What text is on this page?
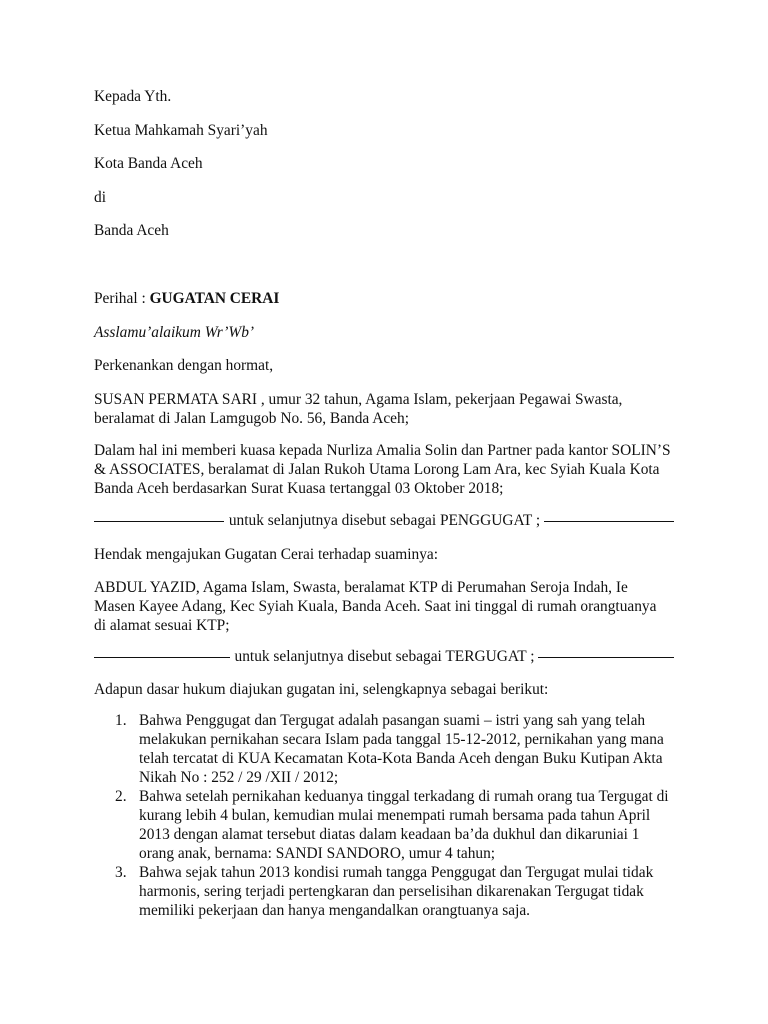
Kepada Yth.
Ketua Mahkamah Syari’yah
Kota Banda Aceh
di
Banda Aceh
Perihal : GUGATAN CERAI
Asslamu’alaikum Wr’Wb’
Perkenankan dengan hormat,
SUSAN PERMATA SARI , umur 32 tahun, Agama Islam, pekerjaan Pegawai Swasta,
beralamat di Jalan Lamgugob No. 56, Banda Aceh;
Dalam hal ini memberi kuasa kepada Nurliza Amalia Solin dan Partner pada kantor SOLIN’S
& ASSOCIATES, beralamat di Jalan Rukoh Utama Lorong Lam Ara, kec Syiah Kuala Kota
Banda Aceh berdasarkan Surat Kuasa tertanggal 03 Oktober 2018;
untuk selanjutnya disebut sebagai PENGGUGAT ;
Hendak mengajukan Gugatan Cerai terhadap suaminya:
ABDUL YAZID, Agama Islam, Swasta, beralamat KTP di Perumahan Seroja Indah, Ie
Masen Kayee Adang, Kec Syiah Kuala, Banda Aceh. Saat ini tinggal di rumah orangtuanya
di alamat sesuai KTP;
untuk selanjutnya disebut sebagai TERGUGAT ;
Adapun dasar hukum diajukan gugatan ini, selengkapnya sebagai berikut:
1. Bahwa Penggugat dan Tergugat adalah pasangan suami – istri yang sah yang telah
melakukan pernikahan secara Islam pada tanggal 15-12-2012, pernikahan yang mana
telah tercatat di KUA Kecamatan Kota-Kota Banda Aceh dengan Buku Kutipan Akta
Nikah No : 252 / 29 /XII / 2012;
2. Bahwa setelah pernikahan keduanya tinggal terkadang di rumah orang tua Tergugat di
kurang lebih 4 bulan, kemudian mulai menempati rumah bersama pada tahun April
2013 dengan alamat tersebut diatas dalam keadaan ba’da dukhul dan dikaruniai 1
orang anak, bernama: SANDI SANDORO, umur 4 tahun;
3. Bahwa sejak tahun 2013 kondisi rumah tangga Penggugat dan Tergugat mulai tidak
harmonis, sering terjadi pertengkaran dan perselisihan dikarenakan Tergugat tidak
memiliki pekerjaan dan hanya mengandalkan orangtuanya saja.
